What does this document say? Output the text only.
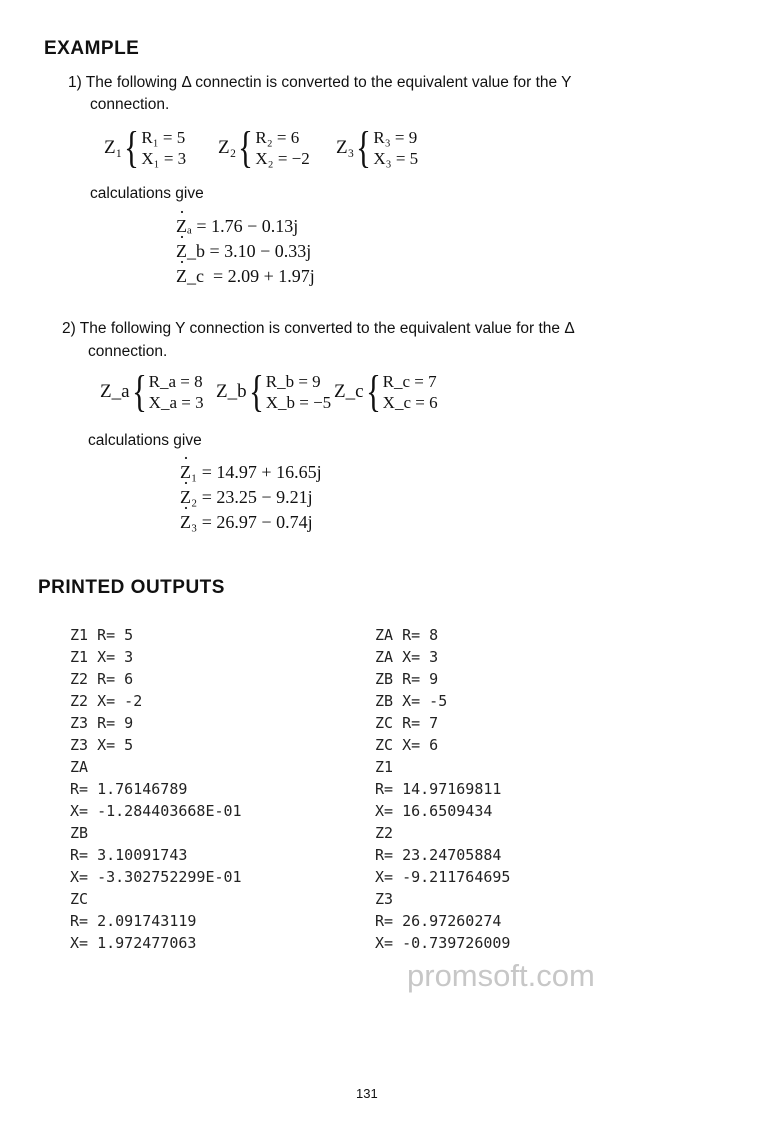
EXAMPLE
1) The following Δ connectin is converted to the equivalent value for the Y
connection.
Z₁ { R₁ = 5
X₁ = 3
Z₂ { R₂ = 6
X₂ = −2
Z₃ { R₃ = 9
X₃ = 5
calculations give
· Zₐ = 1.76 − 0.13j
· Z_b = 3.10 − 0.33j
· Z_c  = 2.09 + 1.97j
2) The following Y connection is converted to the equivalent value for the Δ
connection.
Z_a { R_a = 8
X_a = 3
Z_b { R_b = 9
X_b = −5
Z_c { R_c = 7
X_c = 6
calculations give
· Z₁ = 14.97 + 16.65j
· Z₂ = 23.25 − 9.21j
· Z₃ = 26.97 − 0.74j
PRINTED OUTPUTS
Z1 R= 5
Z1 X= 3
Z2 R= 6
Z2 X= -2
Z3 R= 9
Z3 X= 5
ZA
R= 1.76146789
X= -1.284403668E-01
ZB
R= 3.10091743
X= -3.302752299E-01
ZC
R= 2.091743119
X= 1.972477063
ZA R= 8
ZA X= 3
ZB R= 9
ZB X= -5
ZC R= 7
ZC X= 6
Z1
R= 14.97169811
X= 16.6509434
Z2
R= 23.24705884
X= -9.211764695
Z3
R= 26.97260274
X= -0.739726009
promsoft.com
131
